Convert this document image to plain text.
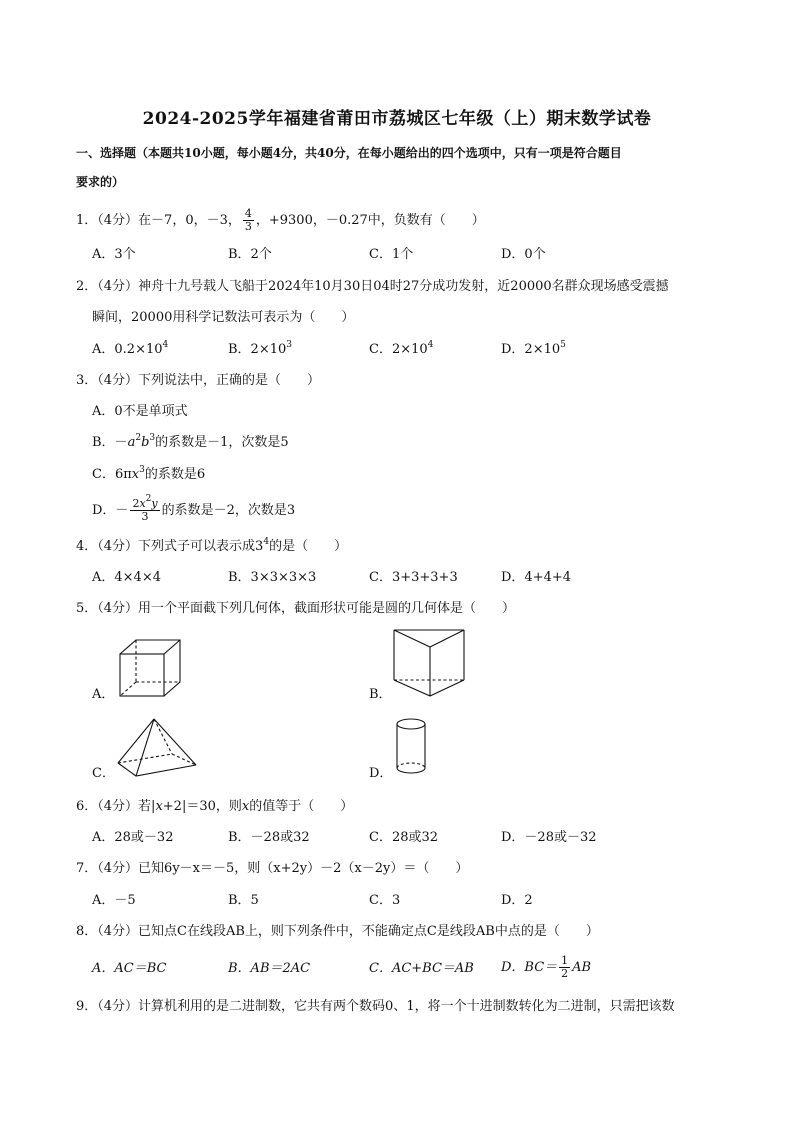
2024-2025学年福建省莆田市荔城区七年级（上）期末数学试卷
一、选择题（本题共10小题，每小题4分，共40分，在每小题给出的四个选项中，只有一项是符合题目
要求的）
1．（4分）在－7，0，－3， $\frac{4}{3}$ ，+9300，－0.27中，负数有（　　）
A．3个	B．2个	C．1个	D．0个
2．（4分）神舟十九号载人飞船于2024年10月30日04时27分成功发射，近20000名群众现场感受震撼
瞬间，20000用科学记数法可表示为（　　）
A．$0.2\times 10^4$	B．$2\times 10^3$	C．$2\times 10^4$	D．$2\times 10^5$
3．（4分）下列说法中，正确的是（　　）
A．0不是单项式
B．$-a^2b^3$的系数是－1，次数是5
C．$6\pi x^3$的系数是6
D．－ $\frac{2x^2y}{3}$ 的系数是－2，次数是3
4．（4分）下列式子可以表示成$3^4$的是（　　）
A．4×4×4	B．3×3×3×3	C．3+3+3+3	D．4+4+4
5．（4分）用一个平面截下列几何体，截面形状可能是圆的几何体是（　　）
A．	B．
C．	D．
6．（4分）若|x+2|＝30，则x的值等于（　　）
A．28或－32	B．－28或32	C．28或32	D．－28或－32
7．（4分）已知6y－x＝－5，则（x+2y）－2（x－2y）＝（　　）
A．－5	B．5	C．3	D．2
8．（4分）已知点C在线段AB上，则下列条件中，不能确定点C是线段AB中点的是（　　）
A．AC＝BC	B．AB＝2AC	C．AC+BC＝AB D．$BC= \frac{1}{2}$ AB
9．（4分）计算机利用的是二进制数，它共有两个数码0、1，将一个十进制数转化为二进制，只需把该数
